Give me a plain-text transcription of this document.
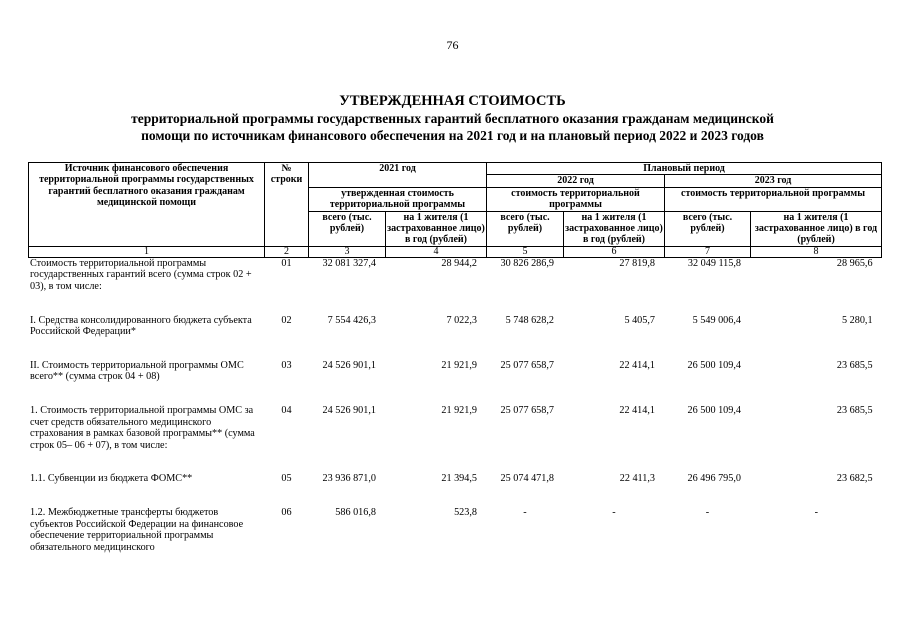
76
УТВЕРЖДЕННАЯ СТОИМОСТЬ
территориальной программы государственных гарантий бесплатного оказания гражданам медицинской
помощи по источникам финансового обеспечения на 2021 год и на плановый период 2022 и 2023 годов
Источник финансового обеспечения территориальной программы государственных гарантий бесплатного оказания гражданам медицинской помощи	№ строки	2021 год		Плановый период			
				2022 год		2023 год	
		утвержденная стоимость территориальной программы		стоимость территориальной программы		стоимость территориальной программы	
		всего (тыс. рублей)	на 1 жителя (1 застрахованное лицо) в год (рублей)	всего (тыс. рублей)	на 1 жителя (1 застрахованное лицо) в год (рублей)	всего (тыс. рублей)	на 1 жителя (1 застрахованное лицо) в год (рублей)
1	2	3	4	5	6	7	8
Стоимость территориальной программы государственных гарантий всего (сумма строк 02 + 03), в том числе:	01	32 081 327,4	28 944,2	30 826 286,9	27 819,8	32 049 115,8	28 965,6

I. Средства консолидированного бюджета субъекта Российской Федерации*	02	7 554 426,3	7 022,3	5 748 628,2	5 405,7	5 549 006,4	5 280,1

II. Стоимость территориальной программы ОМС всего** (сумма строк 04 + 08)	03	24 526 901,1	21 921,9	25 077 658,7	22 414,1	26 500 109,4	23 685,5

1. Стоимость территориальной программы ОМС за счет средств обязательного медицинского страхования в рамках базовой программы** (сумма строк 05– 06 + 07), в том числе:	04	24 526 901,1	21 921,9	25 077 658,7	22 414,1	26 500 109,4	23 685,5

1.1. Субвенции из бюджета ФОМС**	05	23 936 871,0	21 394,5	25 074 471,8	22 411,3	26 496 795,0	23 682,5

1.2. Межбюджетные трансферты бюджетов субъектов Российской Федерации на финансовое обеспечение территориальной программы обязательного медицинского	06	586 016,8	523,8	-	-	-	-
